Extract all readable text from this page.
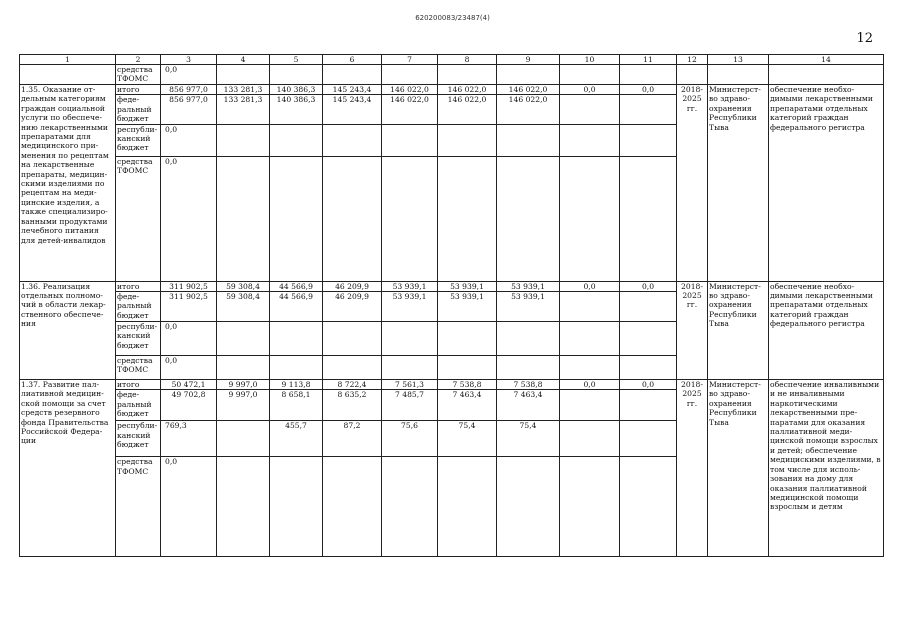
620200083/23487(4)
12
1	2	3	4	5	6	7	8	9	10	11	12	13	14
	средства ТФОМС	0,0											
1.35. Оказание отдельным категориям граждан социальной услуги по обеспечению лекарственными препаратами для медицинского применения по рецептам на лекарственные препараты, медицинскими изделиями по рецептам на медицинские изделия, а также специализированными продуктами лечебного питания для детей-инвалидов	итого	856 977,0	133 281,3	140 386,3	145 243,4	146 022,0	146 022,0	146 022,0	0,0	0,0	2018-2025 гг.	Министерство здравоохранения Республики Тыва	обеспечение необходимыми лекарственными препаратами отдельных категорий граждан федерального регистра
	федеральный бюджет	856 977,0	133 281,3	140 386,3	145 243,4	146 022,0	146 022,0	146 022,0					
	республиканский бюджет	0,0											
	средства ТФОМС	0,0											
1.36. Реализация отдельных полномочий в области лекарственного обеспечения	итого	311 902,5	59 308,4	44 566,9	46 209,9	53 939,1	53 939,1	53 939,1	0,0	0,0	2018-2025 гг.	Министерство здравоохранения Республики Тыва	обеспечение необходимыми лекарственными препаратами отдельных категорий граждан федерального регистра
	федеральный бюджет	311 902,5	59 308,4	44 566,9	46 209,9	53 939,1	53 939,1	53 939,1					
	республиканский бюджет	0,0											
	средства ТФОМС	0,0											
1.37. Развитие паллиативной медицинской помощи за счет средств резервного фонда Правительства Российской Федерации	итого	50 472,1	9 997,0	9 113,8	8 722,4	7 561,3	7 538,8	7 538,8	0,0	0,0	2018-2025 гг.	Министерство здравоохранения Республики Тыва	обеспечение инваливными и не инваливными наркотическими лекарственными препаратами для оказания паллиативной медицинской помощи взрослых и детей; обеспечение медицискими изделиями, в том числе для использования на дому для оказания паллиативной медицинской помощи взрослым и детям
	федеральный бюджет	49 702,8	9 997,0	8 658,1	8 635,2	7 485,7	7 463,4	7 463,4					
	республиканский бюджет	769,3		455,7	87,2	75,6	75,4	75,4					
	средства ТФОМС	0,0											
